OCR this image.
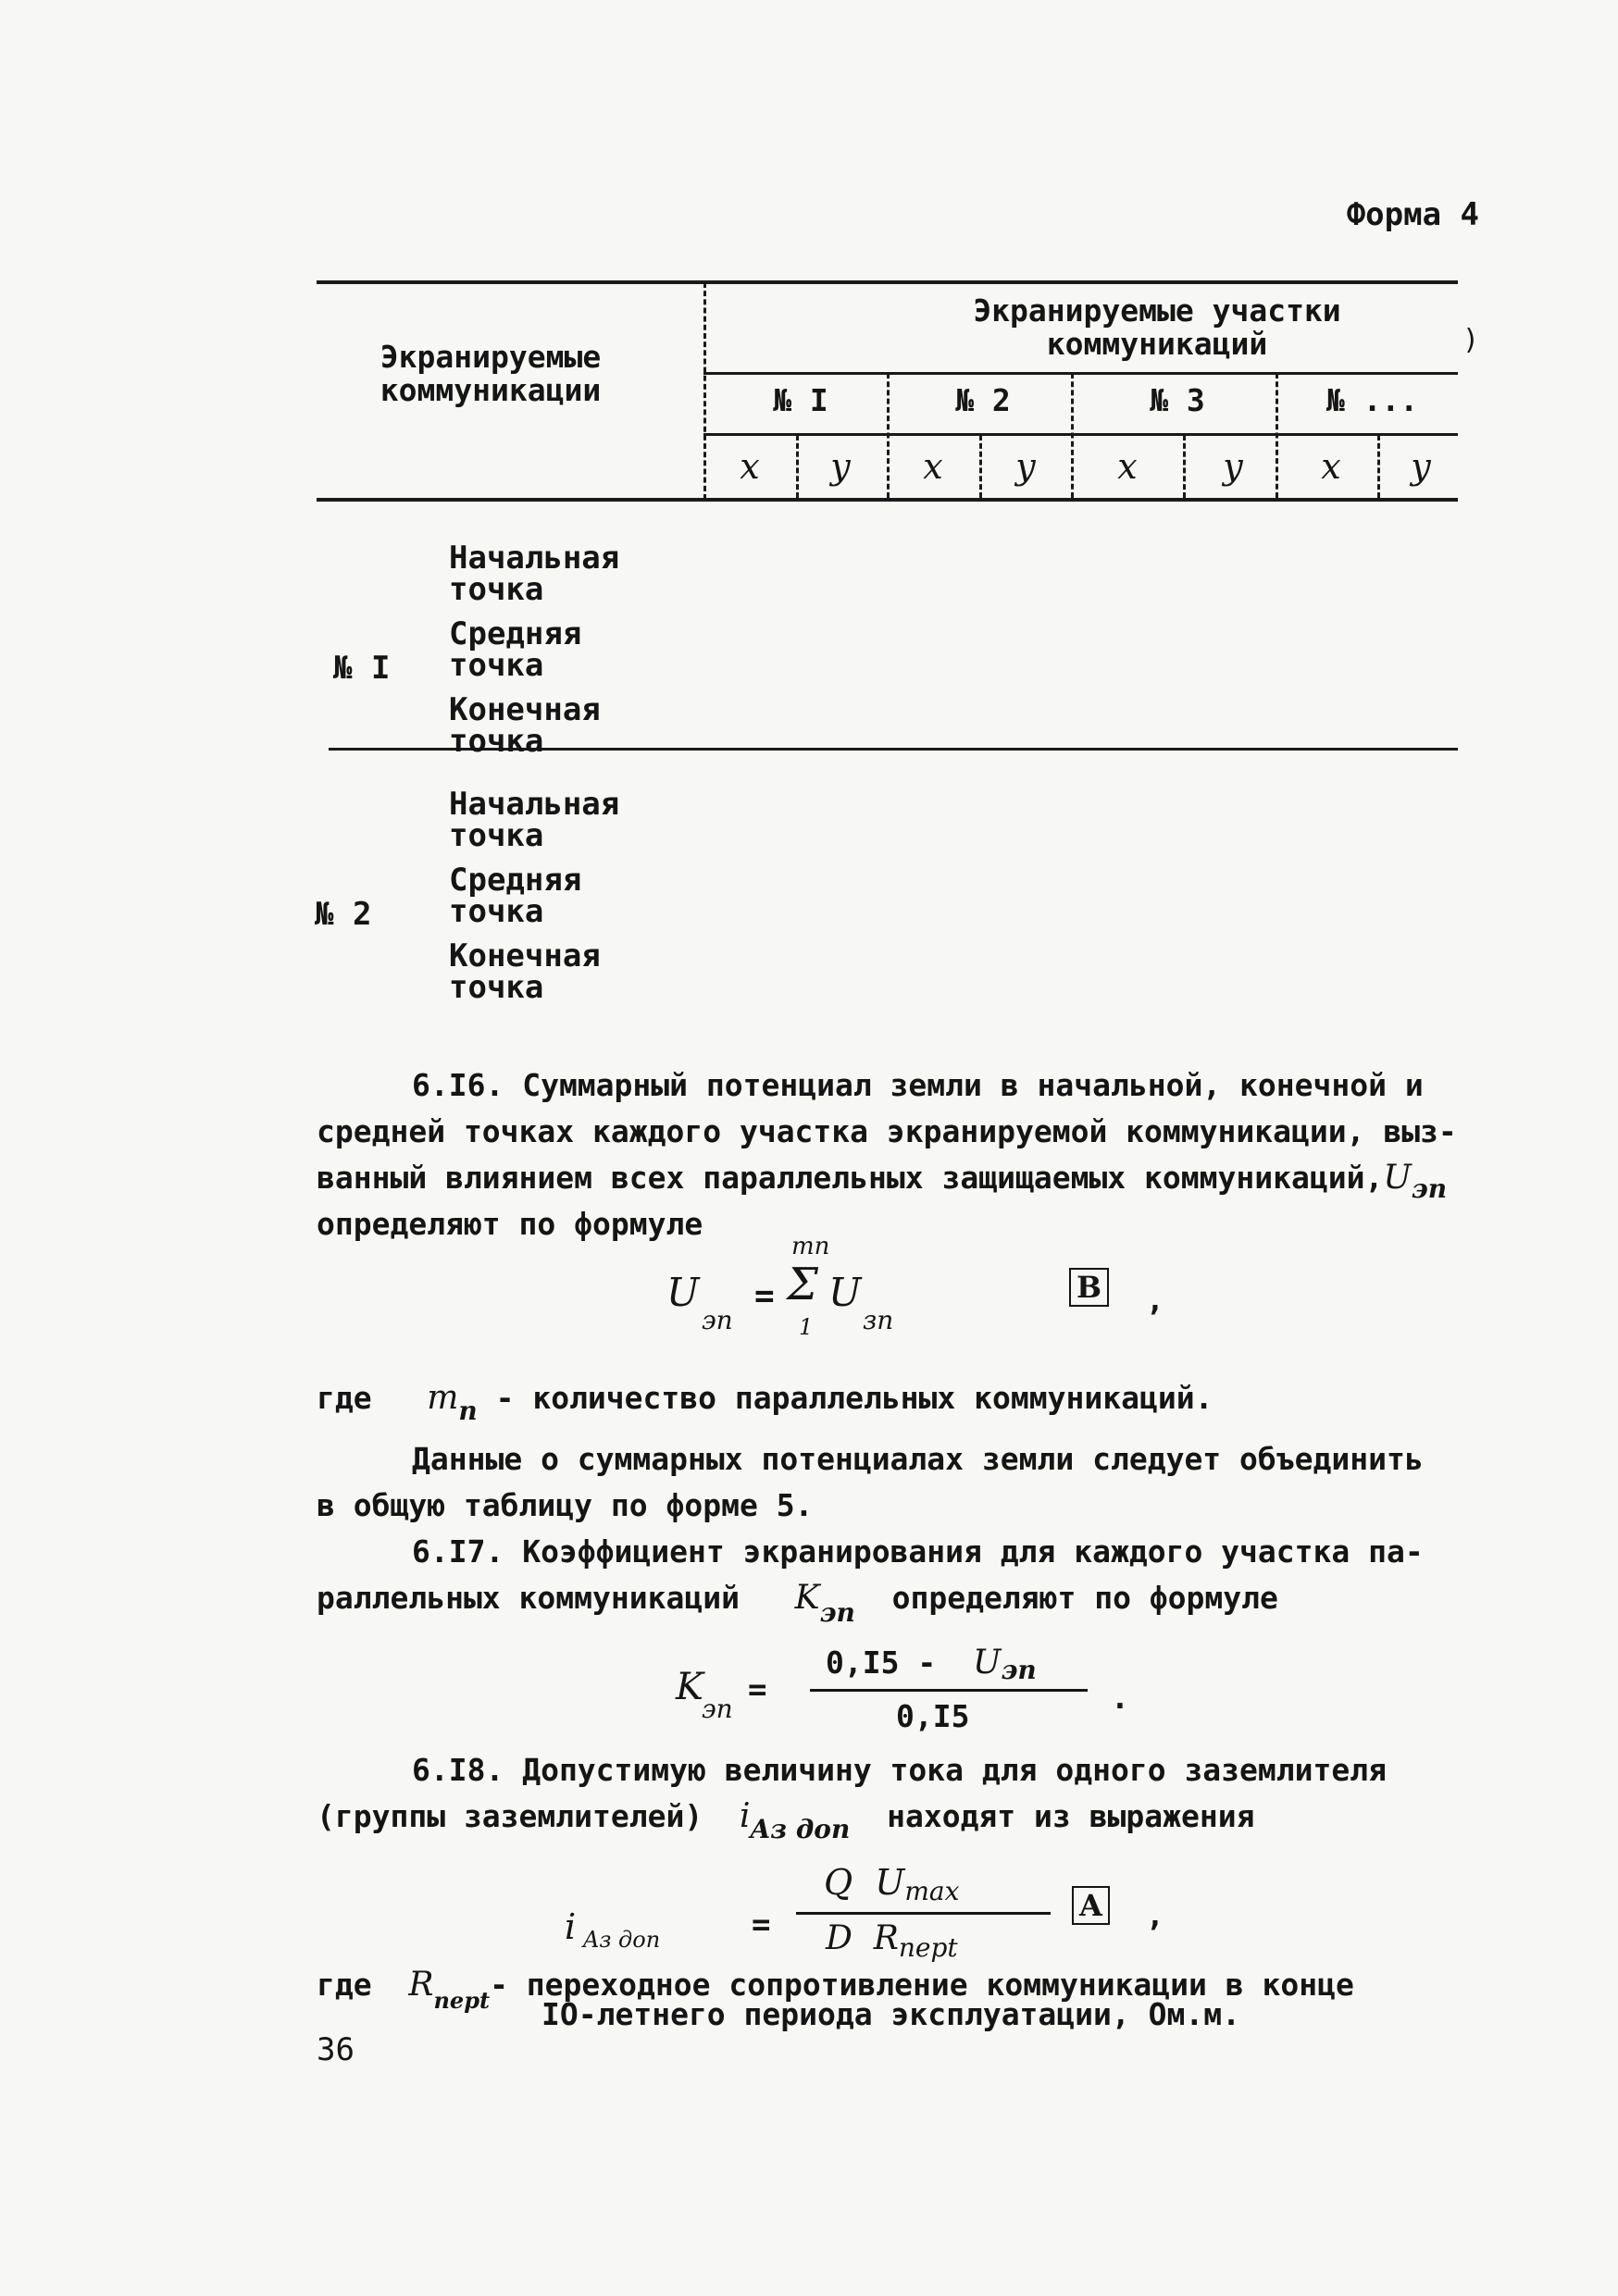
Форма 4
Экранируемые коммуникации
Экранируемые участки коммуникаций	)
№ I	№ 2	№ 3	№ ...
x	y	x	y	x	y	x	y
№ I
Начальная точка
Средняя точка
Конечная точка
№ 2
Начальная точка
Средняя точка
Конечная точка
6.I6. Суммарный потенциал земли в начальной, конечной и
средней точках каждого участка экранируемой коммуникации, выз-
ванный влиянием всех параллельных защищаемых $коммуникаций,U_{эп}$
определяют по формуле
U
эп
=
mп
Σ
1
U
зп
B ,
где $m_п$ - количество параллельных коммуникаций.
Данные о суммарных потенциалах земли следует объединить
в общую таблицу по форме 5.
6.I7. Коэффициент экранирования для каждого участка па-
раллельных коммуникаций $K_{эп}$ определяют по формуле
K
эп
=
0,I5 - Uэп
0,I5
.
6.I8. Допустимую величину тока для одного заземлителя
(группы заземлителей) $i_{Aз доп}$ находят из выражения
i Aз доп	=
Q  Umax
D  $R_{перt}$
A ,
где $R_{перt}-$ переходное сопротивление коммуникации в конце
IO-летнего периода эксплуатации, Ом.м.
36
